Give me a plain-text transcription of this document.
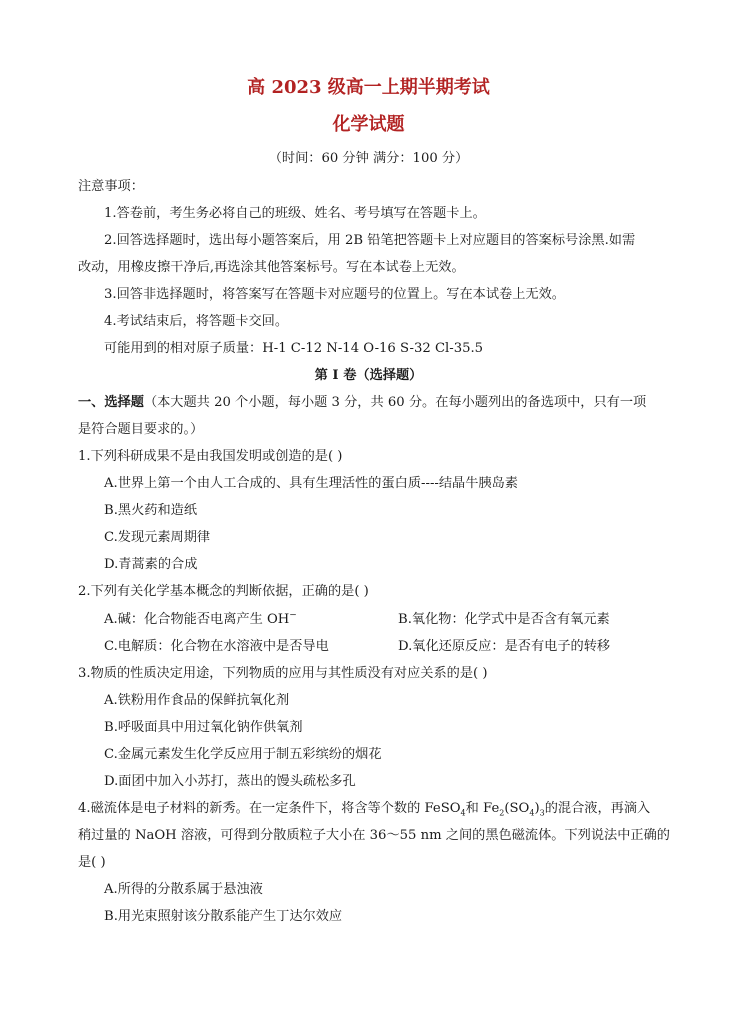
高 2023 级高一上期半期考试
化学试题
（时间：60 分钟 满分：100 分）
注意事项：
1.答卷前，考生务必将自己的班级、姓名、考号填写在答题卡上。
2.回答选择题时，选出每小题答案后，用 2B 铅笔把答题卡上对应题目的答案标号涂黑.如需
改动，用橡皮擦干净后,再选涂其他答案标号。写在本试卷上无效。
3.回答非选择题时，将答案写在答题卡对应题号的位置上。写在本试卷上无效。
4.考试结束后，将答题卡交回。
可能用到的相对原子质量：H-1 C-12 N-14 O-16 S-32 Cl-35.5
第 I 卷（选择题）
一、选择题（本大题共 20 个小题，每小题 3 分，共 60 分。在每小题列出的备选项中，只有一项
是符合题目要求的。）
1.下列科研成果不是由我国发明或创造的是( )
A.世界上第一个由人工合成的、具有生理活性的蛋白质----结晶牛胰岛素
B.黑火药和造纸
C.发现元素周期律
D.青蒿素的合成
2.下列有关化学基本概念的判断依据，正确的是( )
A.碱：化合物能否电离产生 OH−	B.氧化物：化学式中是否含有氧元素
C.电解质：化合物在水溶液中是否导电	D.氧化还原反应：是否有电子的转移
3.物质的性质决定用途，下列物质的应用与其性质没有对应关系的是( )
A.铁粉用作食品的保鲜抗氧化剂
B.呼吸面具中用过氧化钠作供氧剂
C.金属元素发生化学反应用于制五彩缤纷的烟花
D.面团中加入小苏打，蒸出的馒头疏松多孔
4.磁流体是电子材料的新秀。在一定条件下，将含等个数的 FeSO$_4$和 $Fe_2(SO_4)_3$的混合液，再滴入
稍过量的 NaOH 溶液，可得到分散质粒子大小在 36～55 nm 之间的黑色磁流体。下列说法中正确的
是( )
A.所得的分散系属于悬浊液
B.用光束照射该分散系能产生丁达尔效应
